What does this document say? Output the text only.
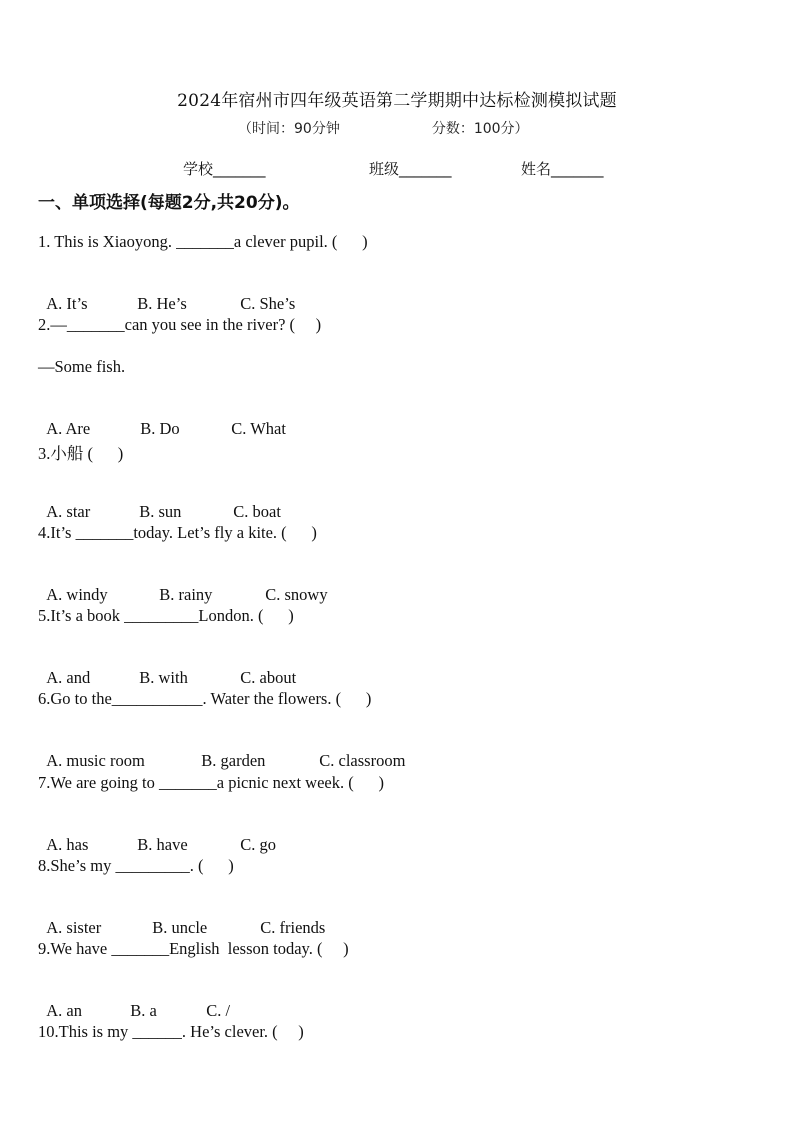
2024年宿州市四年级英语第二学期期中达标检测模拟试题
（时间：90分钟	分数：100分）
学校_______	班级_______	姓名_______
一、单项选择(每题2分,共20分)。
1. This is Xiaoyong. _______a clever pupil. (      )

A. It’s	B. He’s	C. She’s

2.—_______can you see in the river? (     )
—Some fish.

A. Are	B. Do	C. What

3.小船 (      )

A. star	B. sun	C. boat

4.It’s _______today. Let’s fly a kite. (      )

A. windy	B. rainy	C. snowy

5.It’s a book _________London. (      )

A. and	B. with	C. about

6.Go to the___________. Water the flowers. (      )

A. music room	B. garden	C. classroom

7.We are going to _______a picnic next week. (      )

A. has	B. have	C. go

8.She’s my _________. (      )

A. sister	B. uncle	C. friends

9.We have _______English  lesson today. (     )

A. an	B. a	C. /

10.This is my ______. He’s clever. (     )
